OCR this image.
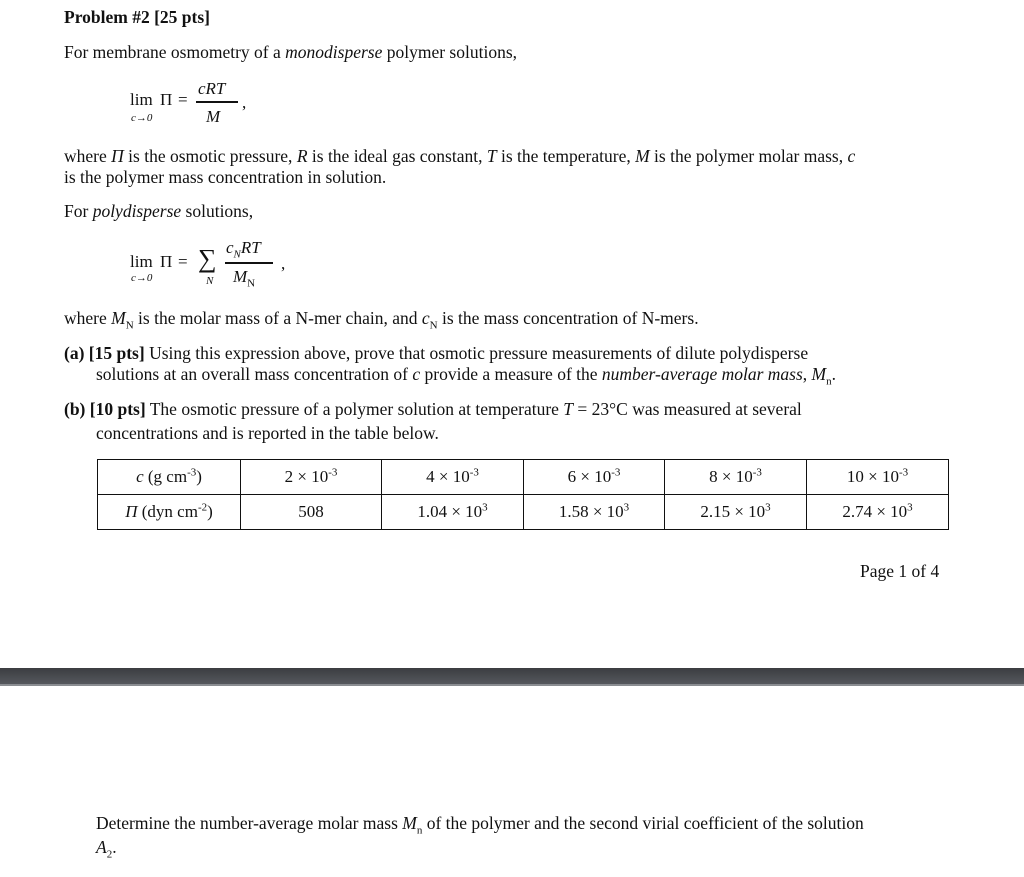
Problem #2 [25 pts]
For membrane osmometry of a monodisperse polymer solutions,
lim Π =
c→0
cRT
M
,
where Π is the osmotic pressure, R is the ideal gas constant, T is the temperature, M is the polymer molar mass, c
is the polymer mass concentration in solution.
For polydisperse solutions,
lim Π =
c→0
∑
N
$c_NRT$
$M_N$
,
where $M_N$ is the molar mass of a N-mer chain, and $c_N$ is the mass concentration of N-mers.
(a) [15 pts] Using this expression above, prove that osmotic pressure measurements of dilute polydisperse
solutions at an overall mass concentration of c provide a measure of the number-average molar mass, $M_n$.
(b) [10 pts] The osmotic pressure of a polymer solution at temperature T = 23°C was measured at several
concentrations and is reported in the table below.
c (g $cm^{-3}$)	$2 \times 10^{-3}$	$4 \times 10^{-3}$	$6 \times 10^{-3}$	$8 \times 10^{-3}$	$10 \times 10^{-3}$
Π (dyn $cm^{-2}$)	508	$1.04 \times 10^3$	$1.58 \times 10^3$	$2.15 \times 10^3$	$2.74 \times 10^3$
Page 1 of 4
Determine the number-average molar mass $M_n$ of the polymer and the second virial coefficient of the solution
$A_2$.
